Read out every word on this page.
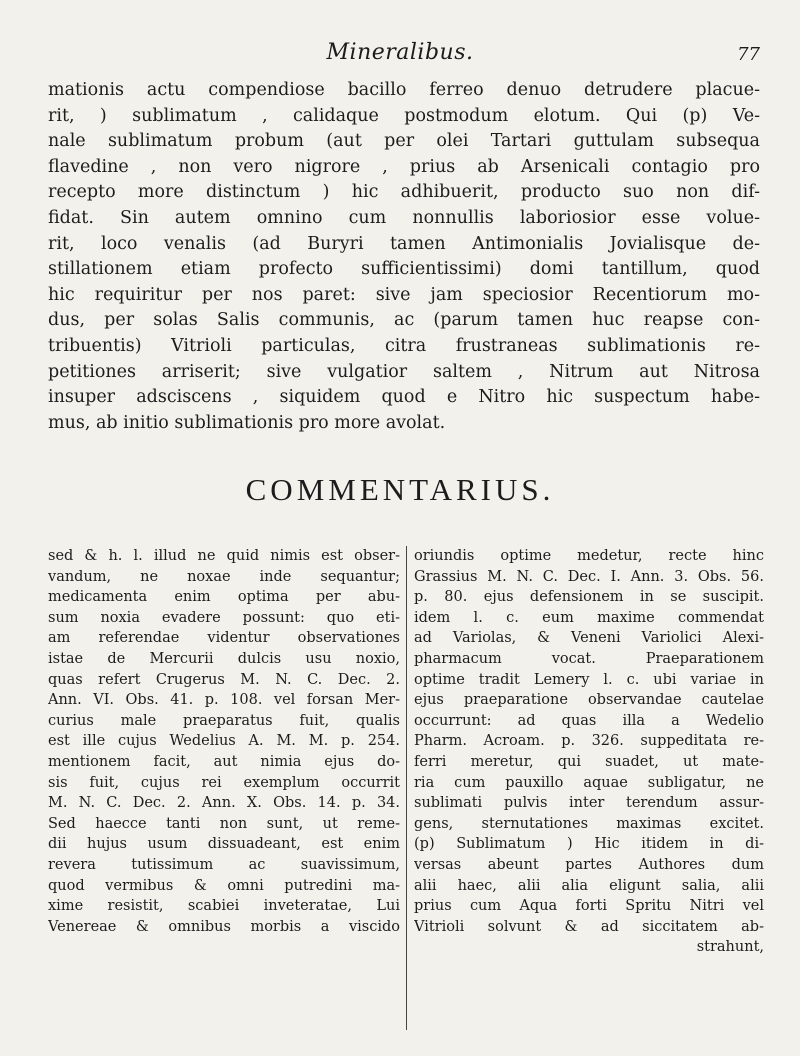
Mineralibus.	77
mationis actu compendiose bacillo ferreo denuo detrudere placue-
rit, ) sublimatum , calidaque postmodum elotum. Qui (p) Ve-
nale sublimatum probum (aut per olei Tartari guttulam subsequa
flavedine , non vero nigrore , prius ab Arsenicali contagio pro
recepto more distinctum ) hic adhibuerit, producto suo non dif-
fidat. Sin autem omnino cum nonnullis laboriosior esse volue-
rit, loco venalis (ad Buryri tamen Antimonialis Jovialisque de-
stillationem etiam profecto sufficientissimi) domi tantillum, quod
hic requiritur per nos paret: sive jam speciosior Recentiorum mo-
dus, per solas Salis communis, ac (parum tamen huc reapse con-
tribuentis) Vitrioli particulas, citra frustraneas sublimationis re-
petitiones arriserit; sive vulgatior saltem , Nitrum aut Nitrosa
insuper adsciscens , siquidem quod e Nitro hic suspectum habe-
mus, ab initio sublimationis pro more avolat.
COMMENTARIUS.
sed & h. l. illud ne quid nimis est obser-
vandum, ne noxae inde sequantur;
medicamenta enim optima per abu-
sum noxia evadere possunt: quo eti-
am referendae videntur observationes
istae de Mercurii dulcis usu noxio,
quas refert Crugerus M. N. C. Dec. 2.
Ann. VI. Obs. 41. p. 108. vel forsan Mer-
curius male praeparatus fuit, qualis
est ille cujus Wedelius A. M. M. p. 254.
mentionem facit, aut nimia ejus do-
sis fuit, cujus rei exemplum occurrit
M. N. C. Dec. 2. Ann. X. Obs. 14. p. 34.
Sed haecce tanti non sunt, ut reme-
dii hujus usum dissuadeant, est enim
revera tutissimum ac suavissimum,
quod vermibus & omni putredini ma-
xime resistit, scabiei inveteratae, Lui
Venereae & omnibus morbis a viscido
oriundis optime medetur, recte hinc
Grassius M. N. C. Dec. I. Ann. 3. Obs. 56.
p. 80. ejus defensionem in se suscipit.
idem l. c. eum maxime commendat
ad Variolas, & Veneni Variolici Alexi-
pharmacum vocat. Praeparationem
optime tradit Lemery l. c. ubi variae in
ejus praeparatione observandae cautelae
occurrunt: ad quas illa a Wedelio
Pharm. Acroam. p. 326. suppeditata re-
ferri meretur, qui suadet, ut mate-
ria cum pauxillo aquae subligatur, ne
sublimati pulvis inter terendum assur-
gens, sternutationes maximas excitet.
(p) Sublimatum ) Hic itidem in di-
versas abeunt partes Authores dum
alii haec, alii alia eligunt salia, alii
prius cum Aqua forti Spritu Nitri vel
Vitrioli solvunt & ad siccitatem ab-
strahunt,
